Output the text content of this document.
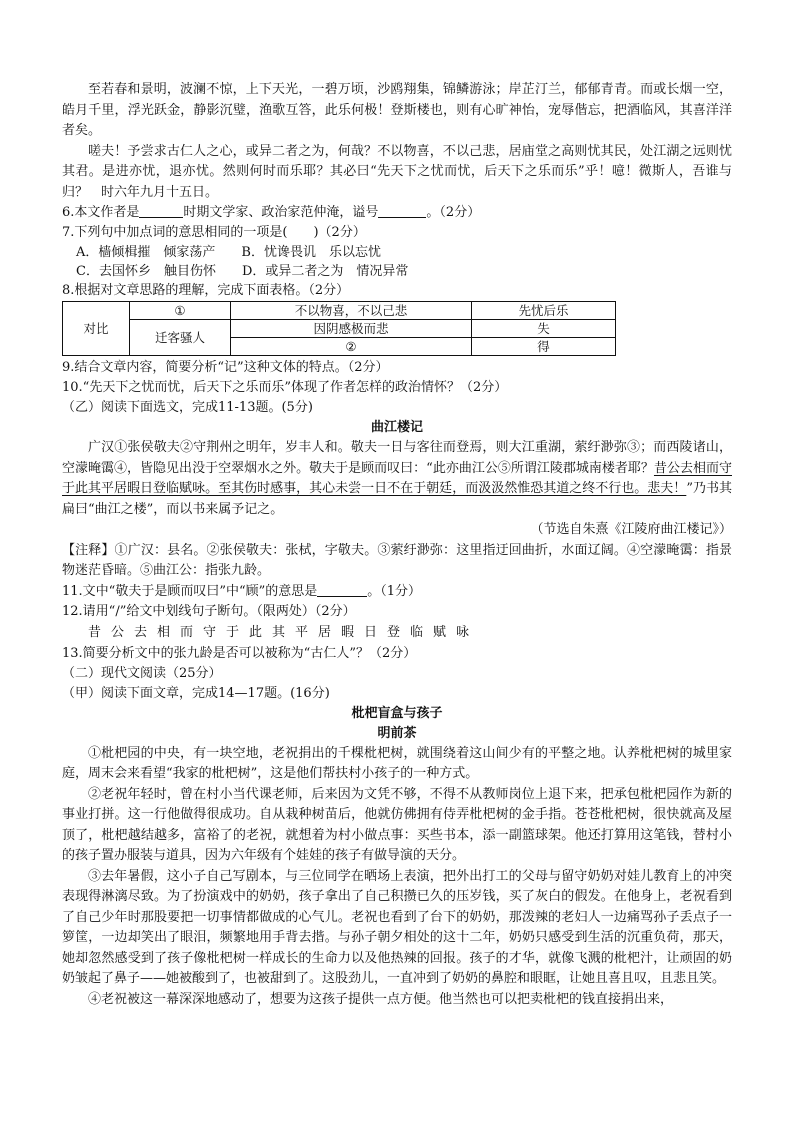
至若春和景明，波澜不惊，上下天光，一碧万顷，沙鸥翔集，锦鳞游泳；岸芷汀兰，郁郁青青。而或长烟一空，皓月千里，浮光跃金，静影沉璧，渔歌互答，此乐何极！登斯楼也，则有心旷神怡，宠辱偕忘，把酒临风，其喜洋洋者矣。

嗟夫！予尝求古仁人之心，或异二者之为，何哉？不以物喜，不以己悲，居庙堂之高则忧其民，处江湖之远则忧其君。是进亦忧，退亦忧。然则何时而乐耶？其必曰“先天下之忧而忧，后天下之乐而乐”乎！噫！微斯人，吾谁与归？　时六年九月十五日。

6.本文作者是	时期文学家、政治家范仲淹，谥号	。（2分）

7.下列句中加点词的意思相同的一项是(　　)（2分）

A．樯倾楫摧　倾家荡产　　B．忧谗畏讥　乐以忘忧

C．去国怀乡　触目伤怀　　D．或异二者之为　情况异常

8.根据对文章思路的理解，完成下面表格。（2分）

对比	①	不以物喜，不以己悲	先忧后乐
	迁客骚人	因阴感极而悲	失
		②	得

9.结合文章内容，简要分析“记”这种文体的特点。（2分）

10.“先天下之忧而忧，后天下之乐而乐”体现了作者怎样的政治情怀？（2分）

（乙）阅读下面选文，完成11-13题。(5分)

曲江楼记

广汉①张侯敬夫②守荆州之明年，岁丰人和。敬夫一日与客往而登焉，则大江重湖，萦纡渺弥③；而西陵诸山，空濛晻霭④，皆隐见出没于空翠烟水之外。敬夫于是顾而叹曰：“此亦曲江公⑤所谓江陵郡城南楼者耶？昔公去相而守于此其平居暇日登临赋咏。至其伤时感事，其心未尝一日不在于朝廷，而汲汲然惟恐其道之终不行也。悲夫！”乃书其扁曰“曲江之楼”，而以书来属予记之。

（节选自朱熹《江陵府曲江楼记》）

【注释】①广汉：县名。②张侯敬夫：张栻，字敬夫。③萦纡渺弥：这里指迂回曲折，水面辽阔。④空濛晻霭：指景物迷茫昏暗。⑤曲江公：指张九龄。

11.文中“敬夫于是顾而叹曰”中“顾”的意思是	。（1分）

12.请用“/”给文中划线句子断句。（限两处）（2分）

昔公去相而守于此其平居暇日登临赋咏

13.简要分析文中的张九龄是否可以被称为“古仁人”？（2分）

（二）现代文阅读（25分）

（甲）阅读下面文章，完成14—17题。(16分)

枇杷盲盒与孩子

明前茶

①枇杷园的中央，有一块空地，老祝捐出的千棵枇杷树，就围绕着这山间少有的平整之地。认养枇杷树的城里家庭，周末会来看望“我家的枇杷树”，这是他们帮扶村小孩子的一种方式。

②老祝年轻时，曾在村小当代课老师，后来因为文凭不够，不得不从教师岗位上退下来，把承包枇杷园作为新的事业打拼。这一行他做得很成功。自从栽种树苗后，他就仿佛拥有侍弄枇杷树的金手指。苍苍枇杷树，很快就高及屋顶了，枇杷越结越多，富裕了的老祝，就想着为村小做点事：买些书本，添一副篮球架。他还打算用这笔钱，替村小的孩子置办服装与道具，因为六年级有个娃娃的孩子有做导演的天分。

③去年暑假，这小子自己写剧本，与三位同学在晒场上表演，把外出打工的父母与留守奶奶对娃儿教育上的冲突表现得淋漓尽致。为了扮演戏中的奶奶，孩子拿出了自己积攒已久的压岁钱，买了灰白的假发。在他身上，老祝看到了自己少年时那股要把一切事情都做成的心气儿。老祝也看到了台下的奶奶，那泼辣的老妇人一边痛骂孙子丢点子一箩筐，一边却笑出了眼泪，频繁地用手背去揩。与孙子朝夕相处的这十二年，奶奶只感受到生活的沉重负荷，那天，她却忽然感受到了孩子像枇杷树一样成长的生命力以及他热辣的回报。孩子的才华，就像飞溅的枇杷汁，让顽固的奶奶皱起了鼻子——她被酸到了，也被甜到了。这股劲儿，一直冲到了奶奶的鼻腔和眼眶，让她且喜且叹，且悲且笑。

④老祝被这一幕深深地感动了，想要为这孩子提供一点方便。他当然也可以把卖枇杷的钱直接捐出来，
